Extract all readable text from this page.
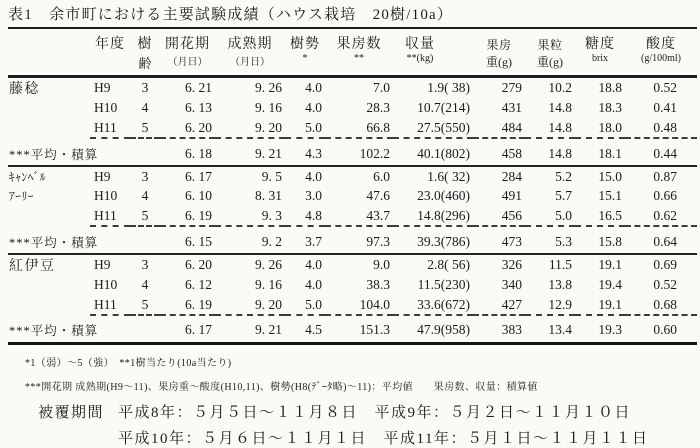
表1　余市町における主要試験成績（ハウス栽培　20樹/10a）
	年度	樹	開花期	成熟期	樹勢	果房数	収量	果房	果粒	糖度	酸度
		齢	（月日）	（月日）	*	**	**(kg)	重(g)	重(g)	brix	(g/100ml)
藤稔	H9	3	6. 21	9. 26	4.0	7.0	1.9( 38)	279	10.2	18.8	0.52
	H10	4	6. 13	9. 16	4.0	28.3	10.7(214)	431	14.8	18.3	0.41
	H11	5	6. 20	9. 20	5.0	66.8	27.5(550)	484	14.8	18.0	0.48

***平均・積算			6. 18	9. 21	4.3	102.2	40.1(802)	458	14.8	18.1	0.44
ｷｬﾝﾍﾞﾙ	H9	3	6. 17	9. 5	4.0	6.0	1.6( 32)	284	5.2	15.0	0.87
ｱｰﾘｰ	H10	4	6. 10	8. 31	3.0	47.6	23.0(460)	491	5.7	15.1	0.66
	H11	5	6. 19	9. 3	4.8	43.7	14.8(296)	456	5.0	16.5	0.62

***平均・積算			6. 15	9. 2	3.7	97.3	39.3(786)	473	5.3	15.8	0.64
紅伊豆	H9	3	6. 20	9. 26	4.0	9.0	2.8( 56)	326	11.5	19.1	0.69
	H10	4	6. 12	9. 16	4.0	38.3	11.5(230)	340	13.8	19.4	0.52
	H11	5	6. 19	9. 20	5.0	104.0	33.6(672)	427	12.9	19.1	0.68

***平均・積算			6. 17	9. 21	4.5	151.3	47.9(958)	383	13.4	19.3	0.60
*1（弱）～5（強）　**1樹当たり(10a当たり)
***開花期 成熟期(H9～11)、果房重～酸度(H10,11)、樹勢(H8(ﾃﾞｰﾀ略)～11)：平均値　　果房数、収量：積算値
被覆期間 平成8年：５月５日～１１月８日　平成9年：５月２日～１１月１０日
平成10年：５月６日～１１月１日　平成11年：５月１日～１１月１１日
